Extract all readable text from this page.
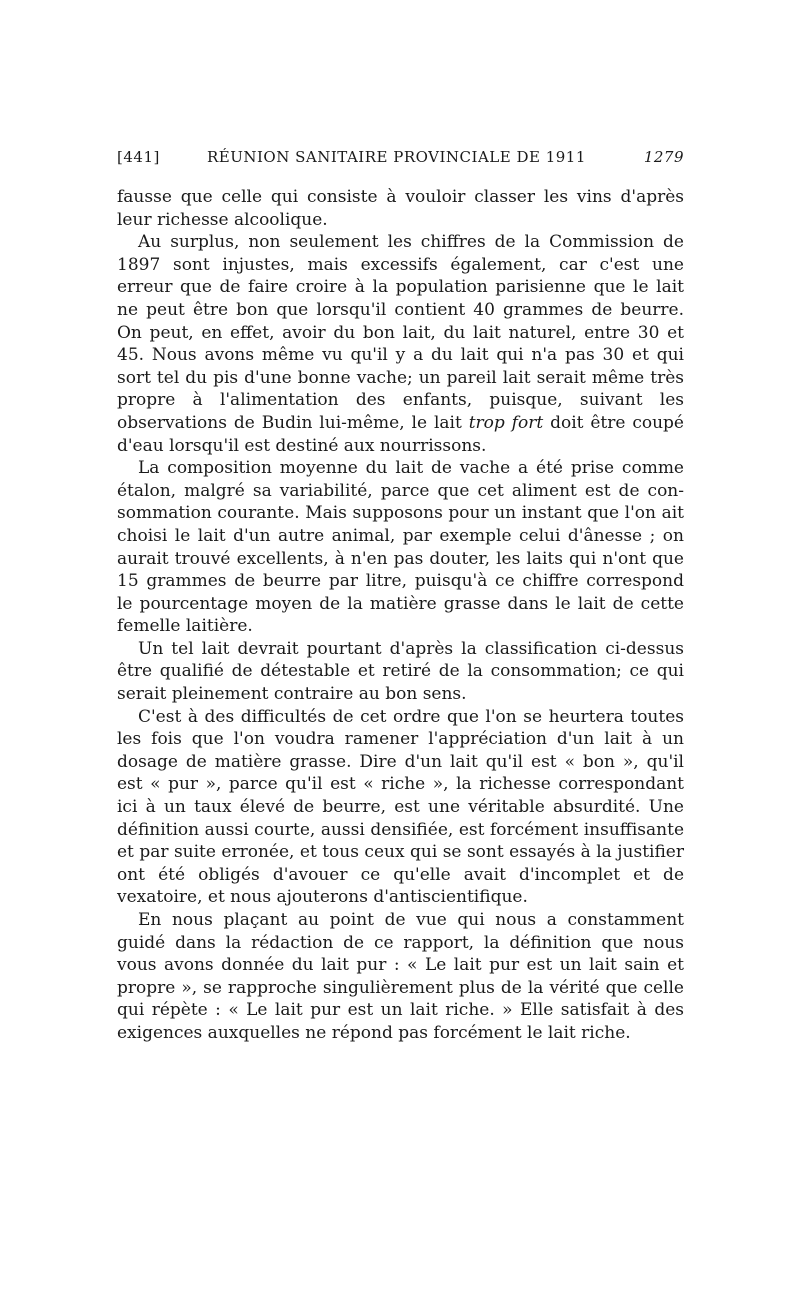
[441]	RÉUNION SANITAIRE PROVINCIALE DE 1911	1279

fausse que celle qui consiste à vouloir classer les vins d'après leur richesse alcoolique.

Au surplus, non seulement les chiffres de la Commission de 1897 sont injustes, mais excessifs également, car c'est une erreur que de faire croire à la population parisienne que le lait ne peut être bon que lorsqu'il contient 40 grammes de beurre. On peut, en effet, avoir du bon lait, du lait naturel, entre 30 et 45. Nous avons même vu qu'il y a du lait qui n'a pas 30 et qui sort tel du pis d'une bonne vache; un pareil lait serait même très propre à l'alimentation des enfants, puisque, suivant les observations de Budin lui-même, le lait trop fort doit être coupé d'eau lorsqu'il est destiné aux nourrissons.

La composition moyenne du lait de vache a été prise comme étalon, malgré sa variabilité, parce que cet aliment est de consommation courante. Mais supposons pour un instant que l'on ait choisi le lait d'un autre animal, par exemple celui d'ânesse ; on aurait trouvé excellents, à n'en pas douter, les laits qui n'ont que 15 grammes de beurre par litre, puisqu'à ce chiffre correspond le pourcentage moyen de la matière grasse dans le lait de cette femelle laitière.

Un tel lait devrait pourtant d'après la classification ci-dessus être qualifié de détestable et retiré de la consommation; ce qui serait pleinement contraire au bon sens.

C'est à des difficultés de cet ordre que l'on se heurtera toutes les fois que l'on voudra ramener l'appréciation d'un lait à un dosage de matière grasse. Dire d'un lait qu'il est « bon », qu'il est « pur », parce qu'il est « riche », la richesse correspondant ici à un taux élevé de beurre, est une véritable absurdité. Une définition aussi courte, aussi densifiée, est forcément insuffisante et par suite erronée, et tous ceux qui se sont essayés à la justifier ont été obligés d'avouer ce qu'elle avait d'incomplet et de vexatoire, et nous ajouterons d'antiscientifique.

En nous plaçant au point de vue qui nous a constamment guidé dans la rédaction de ce rapport, la définition que nous vous avons donnée du lait pur : « Le lait pur est un lait sain et propre », se rapproche singulièrement plus de la vérité que celle qui répète : « Le lait pur est un lait riche. » Elle satisfait à des exigences auxquelles ne répond pas forcément le lait riche.
